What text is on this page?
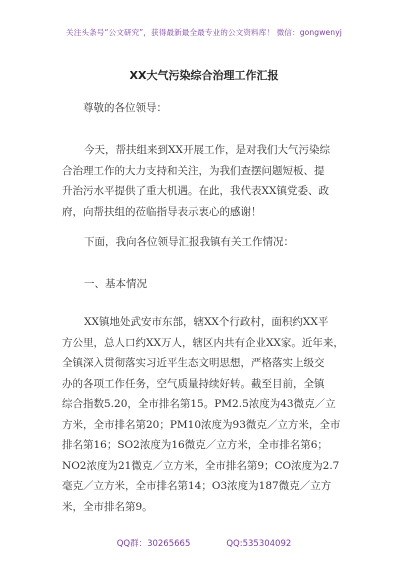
关注头条号“公文研究”，获得最新最全最专业的公文资料库！ 微信：gongwenyj
XX大气污染综合治理工作汇报
尊敬的各位领导：
今天，帮扶组来到XX开展工作，是对我们大气污染综
合治理工作的大力支持和关注，为我们查摆问题短板、提
升治污水平提供了重大机遇。在此，我代表XX镇党委、政
府，向帮扶组的莅临指导表示衷心的感谢！
下面，我向各位领导汇报我镇有关工作情况：
一、基本情况
XX镇地处武安市东部，辖XX个行政村，面积约XX平
方公里，总人口约XX万人，辖区内共有企业XX家。近年来，
全镇深入贯彻落实习近平生态文明思想，严格落实上级交
办的各项工作任务，空气质量持续好转。截至目前，全镇
综合指数5.20，全市排名第15。PM2.5浓度为43微克／立
方米，全市排名第20；PM10浓度为93微克／立方米，全市
排名第16；SO2浓度为16微克／立方米，全市排名第6；
NO2浓度为21微克／立方米，全市排名第9；CO浓度为2.7
毫克／立方米，全市排名第14；O3浓度为187微克／立方
米，全市排名第9。
QQ群：30265665	QQ:535304092
